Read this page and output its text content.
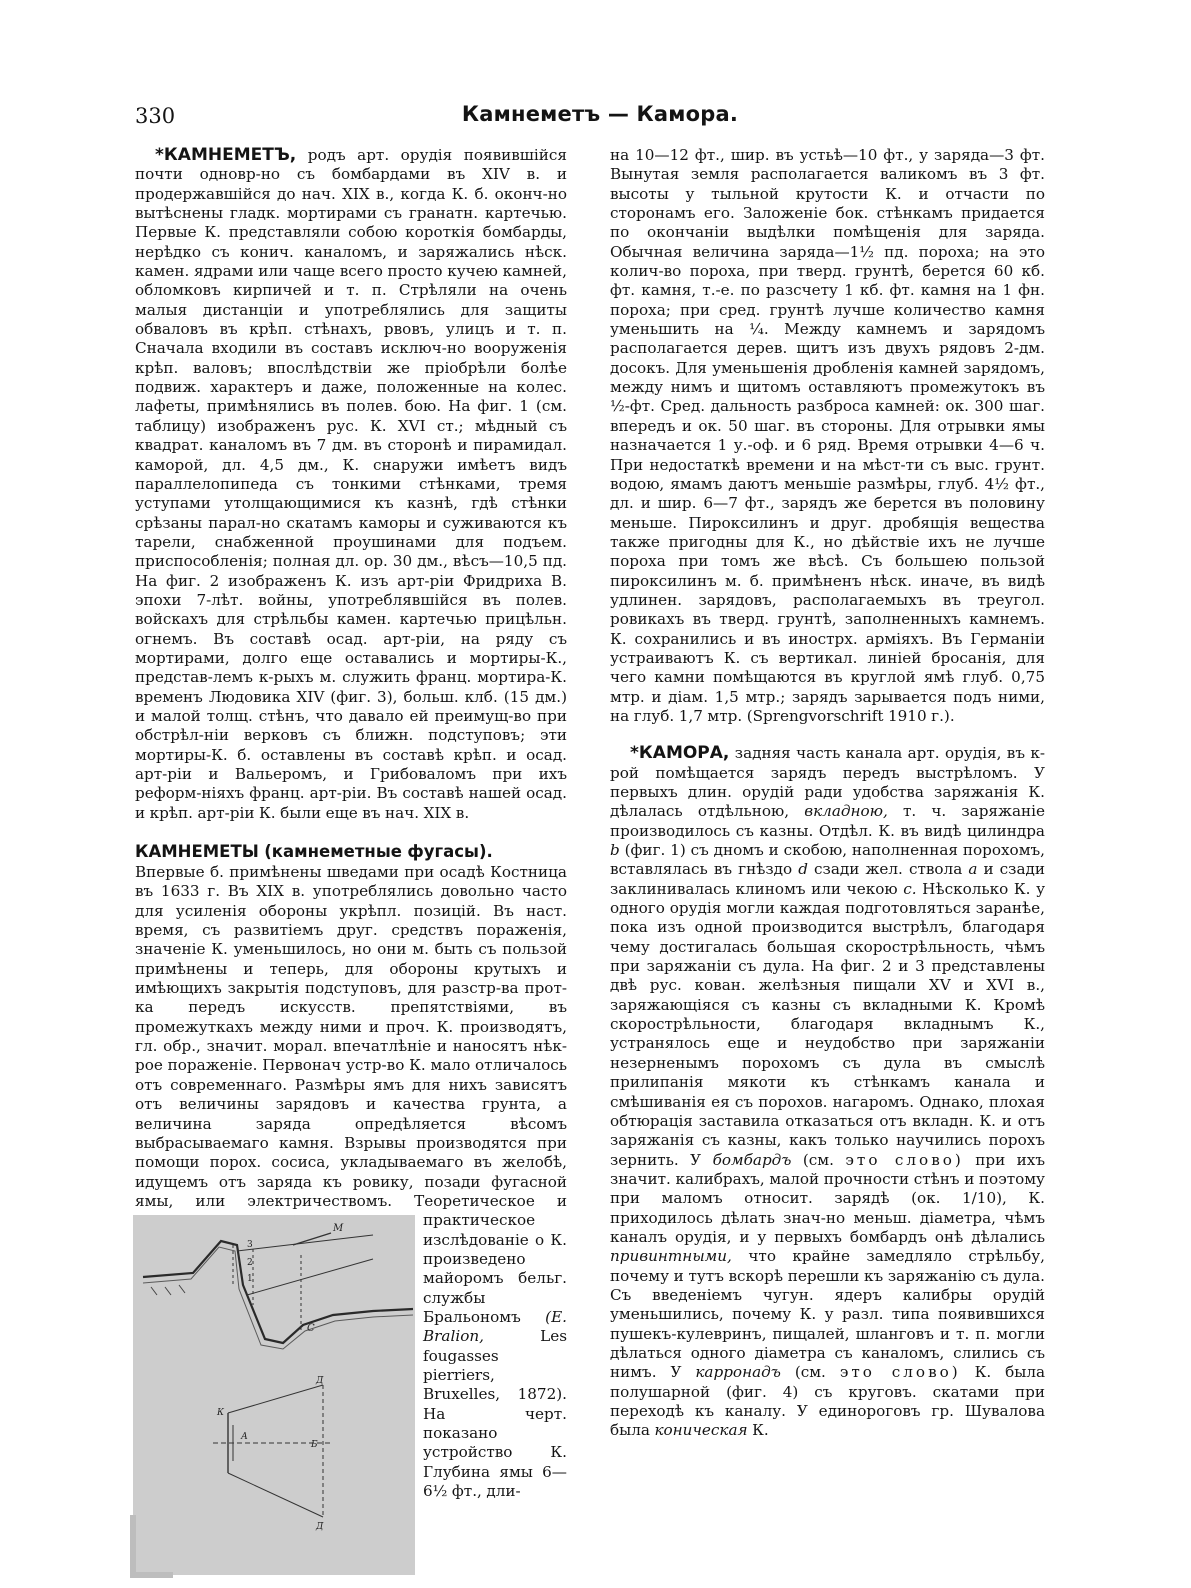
330	Камнеметъ — Камора.

*КАМНЕМЕТЪ, родъ арт. орудія появившійся почти одновр-но съ бомбардами въ XIV в. и продержавшійся до нач. XIX в., когда К. б. оконч-но вытѣснены гладк. мортирами съ гранатн. картечью. Первые К. представляли собою короткія бомбарды, нерѣдко съ конич. каналомъ, и заряжались нѣск. камен. ядрами или чаще всего просто кучею камней, обломковъ кирпичей и т. п. Стрѣляли на очень малыя дистанціи и употреблялись для защиты обваловъ въ крѣп. стѣнахъ, рвовъ, улицъ и т. п. Сначала входили въ составъ исключ-но вооруженія крѣп. валовъ; впослѣдствіи же пріобрѣли болѣе подвиж. характеръ и даже, положенные на колес. лафеты, примѣнялись въ полев. бою. На фиг. 1 (см. таблицу) изображенъ рус. К. XVI ст.; мѣдный съ квадрат. каналомъ въ 7 дм. въ сторонѣ и пирамидал. каморой, дл. 4,5 дм., К. снаружи имѣетъ видъ параллелопипеда съ тонкими стѣнками, тремя уступами утолщающимися къ казнѣ, гдѣ стѣнки срѣзаны парал-но скатамъ каморы и суживаются къ тарели, снабженной проушинами для подъем. приспособленія; полная дл. ор. 30 дм., вѣсъ—10,5 пд. На фиг. 2 изображенъ К. изъ арт-ріи Фридриха В. эпохи 7-лѣт. войны, употреблявшійся въ полев. войскахъ для стрѣльбы камен. картечью прицѣльн. огнемъ. Въ составѣ осад. арт-ріи, на ряду съ мортирами, долго еще оставались и мортиры-К., представ-лемъ к-рыхъ м. служить франц. мортира-К. временъ Людовика XIV (фиг. 3), больш. клб. (15 дм.) и малой толщ. стѣнъ, что давало ей преимущ-во при обстрѣл-ніи верковъ съ ближн. подступовъ; эти мортиры-К. б. оставлены въ составѣ крѣп. и осад. арт-ріи и Вальеромъ, и Грибоваломъ при ихъ реформ-ніяхъ франц. арт-ріи. Въ составѣ нашей осад. и крѣп. арт-ріи К. были еще въ нач. XIX в.

КАМНЕМЕТЫ (камнеметные фугасы).
Впервые б. примѣнены шведами при осадѣ Костница въ 1633 г. Въ XIX в. употреблялись довольно часто для усиленія обороны укрѣпл. позицій. Въ наст. время, съ развитіемъ друг. средствъ пораженія, значеніе К. уменьшилось, но они м. быть съ пользой примѣнены и теперь, для обороны крутыхъ и имѣющихъ закрытія подступовъ, для разстр-ва прот-ка передъ искусств. препятствіями, въ промежуткахъ между ними и проч. К. производятъ, гл. обр., значит. морал. впечатлѣніе и наносятъ нѣк-рое пораженіе. Первонач устр-во К. мало отличалось отъ современнаго. Размѣры ямъ для нихъ зависятъ отъ величины зарядовъ и качества грунта, а величина заряда опредѣляется вѣсомъ выбрасываемаго камня. Взрывы производятся при помощи порох. сосиса, укладываемаго въ желобѣ, идущемъ отъ заряда къ ровику, позади фугасной ямы, или электричествомъ. Теоретическое
М
3
2
1
С
К
Д
Б
А
Д
и практическое изслѣдованіе о К. произведено майоромъ бельг. службы Бральономъ (E. Bralion,	Les fougasses pierriers, Bruxelles, 1872). На черт. показано устройство К. Глубина ямы 6—6½ фт., дли-

на 10—12 фт., шир. въ устьѣ—10 фт., у заряда—3 фт. Вынутая земля располагается валикомъ въ 3 фт. высоты у тыльной крутости К. и отчасти по сторонамъ его. Заложеніе бок. стѣнкамъ придается по окончаніи выдѣлки помѣщенія для заряда. Обычная величина заряда—1½ пд. пороха; на это колич-во пороха, при тверд. грунтѣ, берется 60 кб. фт. камня, т.-е. по разсчету 1 кб. фт. камня на 1 фн. пороха; при сред. грунтѣ лучше количество камня уменьшить на ¼. Между камнемъ и зарядомъ располагается дерев. щитъ изъ двухъ рядовъ 2-дм. досокъ. Для уменьшенія дробленія камней зарядомъ, между нимъ и щитомъ оставляютъ промежутокъ въ ½-фт. Сред. дальность разброса камней: ок. 300 шаг. впередъ и ок. 50 шаг. въ стороны. Для отрывки ямы назначается 1 у.-оф. и 6 ряд. Время отрывки 4—6 ч. При недостаткѣ времени и на мѣст-ти съ выс. грунт. водою, ямамъ даютъ меньшіе размѣры, глуб. 4½ фт., дл. и шир. 6—7 фт., зарядъ же берется въ половину меньше. Пироксилинъ и друг. дробящія вещества также пригодны для К., но дѣйствіе ихъ не лучше пороха при томъ же вѣсѣ. Съ большею пользой пироксилинъ м. б. примѣненъ нѣск. иначе, въ видѣ удлинен. зарядовъ, располагаемыхъ въ треугол. ровикахъ въ тверд. грунтѣ, заполненныхъ камнемъ. К. сохранились и въ инострх. арміяхъ. Въ Германіи устраиваютъ К. съ вертикал. линіей бросанія, для чего камни помѣщаются въ круглой ямѣ глуб. 0,75 мтр. и діам. 1,5 мтр.; зарядъ зарывается подъ ними, на глуб. 1,7 мтр. (Sprengvorschrift 1910 г.).

*КАМОРА, задняя часть канала арт. орудія, въ к-рой помѣщается зарядъ передъ выстрѣломъ. У первыхъ длин. орудій ради удобства заряжанія К. дѣлалась отдѣльною, вкладною, т. ч. заряжаніе производилось съ казны. Отдѣл. К. въ видѣ цилиндра b (фиг. 1) съ дномъ и скобою, наполненная порохомъ, вставлялась въ гнѣздо d сзади жел. ствола a и сзади заклинивалась клиномъ или чекою c. Нѣсколько К. у одного орудія могли каждая подготовляться заранѣе, пока изъ одной производится выстрѣлъ, благодаря чему достигалась большая скорострѣльность, чѣмъ при заряжаніи съ дула. На фиг. 2 и 3 представлены двѣ рус. кован. желѣзныя пищали XV и XVI в., заряжающіяся съ казны съ вкладными К. Кромѣ скорострѣльности, благодаря вкладнымъ К., устранялось еще и неудобство при заряжаніи незерненымъ порохомъ съ дула въ смыслѣ прилипанія мякоти къ стѣнкамъ канала и смѣшиванія ея съ порохов. нагаромъ. Однако, плохая обтюрація заставила отказаться отъ вкладн. К. и отъ заряжанія съ казны, какъ только научились порохъ зернить. У бомбардъ (см. это слово) при ихъ значит. калибрахъ, малой прочности стѣнъ и поэтому при маломъ относит. зарядѣ (ок. 1/10), К. приходилось дѣлать знач-но меньш. діаметра, чѣмъ каналъ орудія, и у первыхъ бомбардъ онѣ дѣлались привинтными, что крайне замедляло стрѣльбу, почему и тутъ вскорѣ перешли къ заряжанію съ дула. Съ введеніемъ чугун. ядеръ калибры орудій уменьшились, почему К. у разл. типа появившихся пушекъ-кулевринъ, пищалей, шланговъ и т. п. могли дѣлаться одного діаметра съ каналомъ, слились съ нимъ. У карронадъ (см. это слово) К. была полушарной (фиг. 4) съ круговъ. скатами при переходѣ къ каналу. У единороговъ гр. Шувалова была коническая К.
